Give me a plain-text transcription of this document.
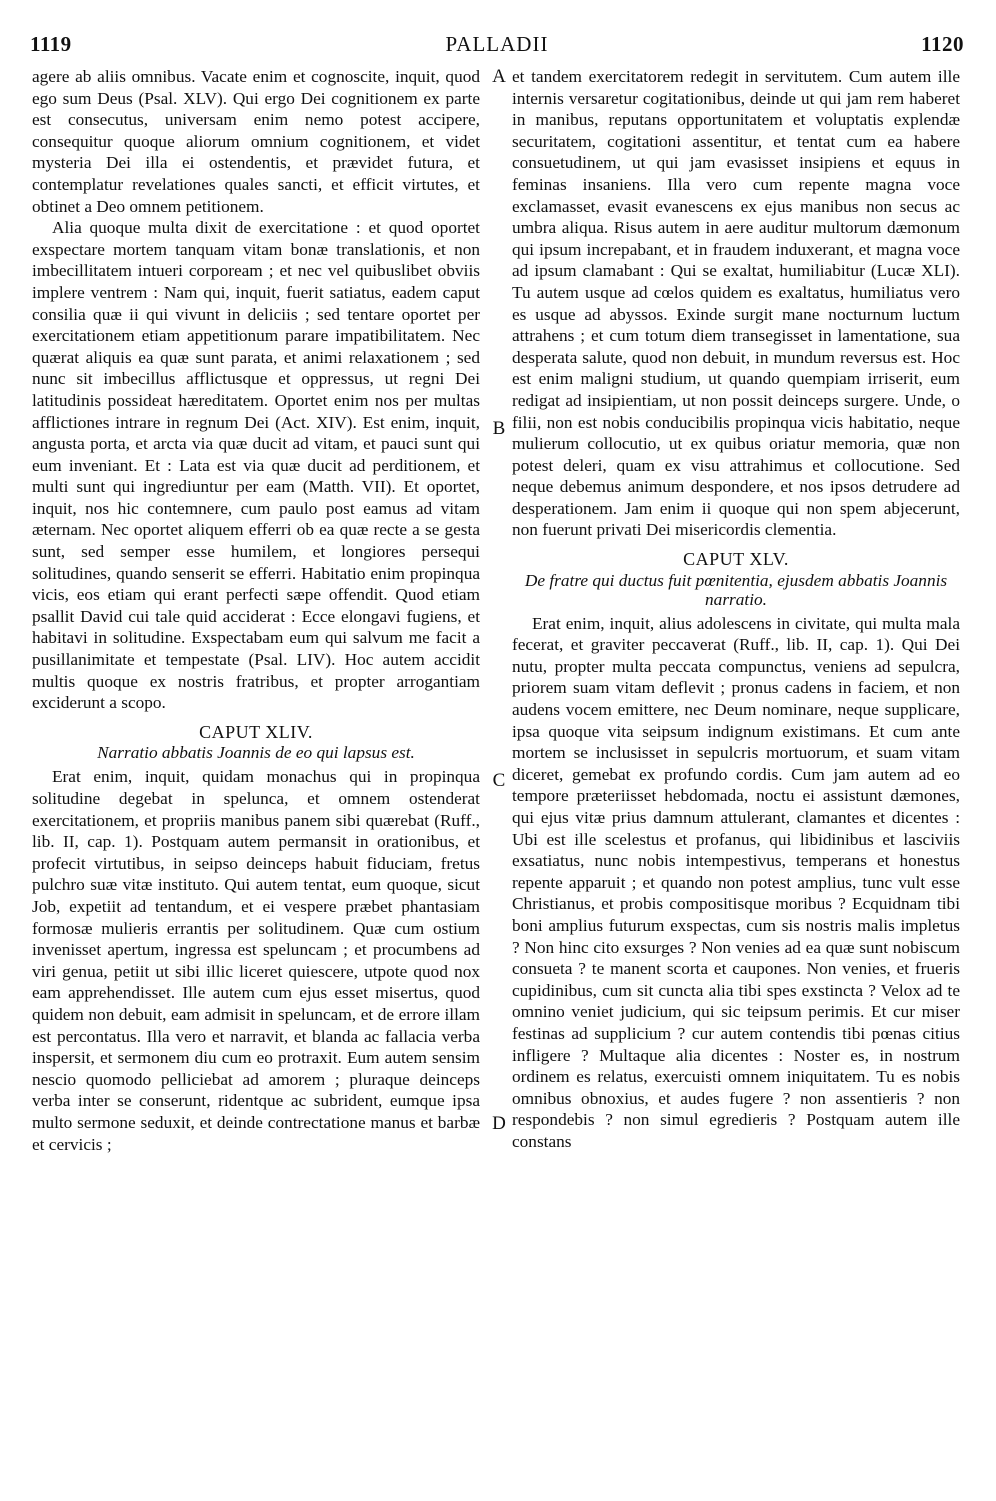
1119	PALLADII	1120

agere ab aliis omnibus. Vacate enim et cognoscite, inquit, quod ego sum Deus (Psal. XLV). Qui ergo Dei cognitionem ex parte est consecutus, universam enim nemo potest accipere, consequitur quoque aliorum omnium cognitionem, et videt mysteria Dei illa ei ostendentis, et prævidet futura, et contemplatur revelationes quales sancti, et efficit virtutes, et obtinet a Deo omnem petitionem.

Alia quoque multa dixit de exercitatione : et quod oportet exspectare mortem tanquam vitam bonæ translationis, et non imbecillitatem intueri corpoream ; et nec vel quibuslibet obviis implere ventrem : Nam qui, inquit, fuerit satiatus, eadem caput consilia quæ ii qui vivunt in deliciis ; sed tentare oportet per exercitationem etiam appetitionum parare impatibilitatem. Nec quærat aliquis ea quæ sunt parata, et animi relaxationem ; sed nunc sit imbecillus afflictusque et oppressus, ut regni Dei latitudinis possideat hæreditatem. Oportet enim nos per multas afflictiones intrare in regnum Dei (Act. XIV). Est enim, inquit, angusta porta, et arcta via quæ ducit ad vitam, et pauci sunt qui eum inveniant. Et : Lata est via quæ ducit ad perditionem, et multi sunt qui ingrediuntur per eam (Matth. VII). Et oportet, inquit, nos hic contemnere, cum paulo post eamus ad vitam æternam. Nec oportet aliquem efferri ob ea quæ recte a se gesta sunt, sed semper esse humilem, et longiores persequi solitudines, quando senserit se efferri. Habitatio enim propinqua vicis, eos etiam qui erant perfecti sæpe offendit. Quod etiam psallit David cui tale quid acciderat : Ecce elongavi fugiens, et habitavi in solitudine. Exspectabam eum qui salvum me facit a pusillanimitate et tempestate (Psal. LIV). Hoc autem accidit multis quoque ex nostris fratribus, et propter arrogantiam exciderunt a scopo.

CAPUT XLIV.
Narratio abbatis Joannis de eo qui lapsus est.

Erat enim, inquit, quidam monachus qui in propinqua solitudine degebat in spelunca, et omnem ostenderat exercitationem, et propriis manibus panem sibi quærebat (Ruff., lib. II, cap. 1). Postquam autem permansit in orationibus, et profecit virtutibus, in seipso deinceps habuit fiduciam, fretus pulchro suæ vitæ instituto. Qui autem tentat, eum quoque, sicut Job, expetiit ad tentandum, et ei vespere præbet phantasiam formosæ mulieris errantis per solitudinem. Quæ cum ostium invenisset apertum, ingressa est speluncam ; et procumbens ad viri genua, petiit ut sibi illic liceret quiescere, utpote quod nox eam apprehendisset. Ille autem cum ejus esset misertus, quod quidem non debuit, eam admisit in speluncam, et de errore illam est percontatus. Illa vero et narravit, et blanda ac fallacia verba inspersit, et sermonem diu cum eo protraxit. Eum autem sensim nescio quomodo pelliciebat ad amorem ; pluraque deinceps verba inter se conserunt, ridentque ac subrident, eumque ipsa multo sermone seduxit, et deinde contrectatione manus et barbæ et cervicis ;

et tandem exercitatorem redegit in servitutem. Cum autem ille internis versaretur cogitationibus, deinde ut qui jam rem haberet in manibus, reputans opportunitatem et voluptatis explendæ securitatem, cogitationi assentitur, et tentat cum ea habere consuetudinem, ut qui jam evasisset insipiens et equus in feminas insaniens. Illa vero cum repente magna voce exclamasset, evasit evanescens ex ejus manibus non secus ac umbra aliqua. Risus autem in aere auditur multorum dæmonum qui ipsum increpabant, et in fraudem induxerant, et magna voce ad ipsum clamabant : Qui se exaltat, humiliabitur (Lucæ XLI). Tu autem usque ad cœlos quidem es exaltatus, humiliatus vero es usque ad abyssos. Exinde surgit mane nocturnum luctum attrahens ; et cum totum diem transegisset in lamentatione, sua desperata salute, quod non debuit, in mundum reversus est. Hoc est enim maligni studium, ut quando quempiam irriserit, eum redigat ad insipientiam, ut non possit deinceps surgere. Unde, o filii, non est nobis conducibilis propinqua vicis habitatio, neque mulierum collocutio, ut ex quibus oriatur memoria, quæ non potest deleri, quam ex visu attrahimus et collocutione. Sed neque debemus animum despondere, et nos ipsos detrudere ad desperationem. Jam enim ii quoque qui non spem abjecerunt, non fuerunt privati Dei misericordis clementia.

CAPUT XLV.
De fratre qui ductus fuit pœnitentia, ejusdem abbatis Joannis narratio.

Erat enim, inquit, alius adolescens in civitate, qui multa mala fecerat, et graviter peccaverat (Ruff., lib. II, cap. 1). Qui Dei nutu, propter multa peccata compunctus, veniens ad sepulcra, priorem suam vitam deflevit ; pronus cadens in faciem, et non audens vocem emittere, nec Deum nominare, neque supplicare, ipsa quoque vita seipsum indignum existimans. Et cum ante mortem se inclusisset in sepulcris mortuorum, et suam vitam diceret, gemebat ex profundo cordis. Cum jam autem ad eo tempore præteriisset hebdomada, noctu ei assistunt dæmones, qui ejus vitæ prius damnum attulerant, clamantes et dicentes : Ubi est ille scelestus et profanus, qui libidinibus et lasciviis exsatiatus, nunc nobis intempestivus, temperans et honestus repente apparuit ; et quando non potest amplius, tunc vult esse Christianus, et probis compositisque moribus ? Ecquidnam tibi boni amplius futurum exspectas, cum sis nostris malis impletus ? Non hinc cito exsurges ? Non venies ad ea quæ sunt nobiscum consueta ? te manent scorta et caupones. Non venies, et frueris cupidinibus, cum sit cuncta alia tibi spes exstincta ? Velox ad te omnino veniet judicium, qui sic teipsum perimis. Et cur miser festinas ad supplicium ? cur autem contendis tibi pœnas citius infligere ? Multaque alia dicentes : Noster es, in nostrum ordinem es relatus, exercuisti omnem iniquitatem. Tu es nobis omnibus obnoxius, et audes fugere ? non assentieris ? non respondebis ? non simul egredieris ? Postquam autem ille constans

A
B
C
D
